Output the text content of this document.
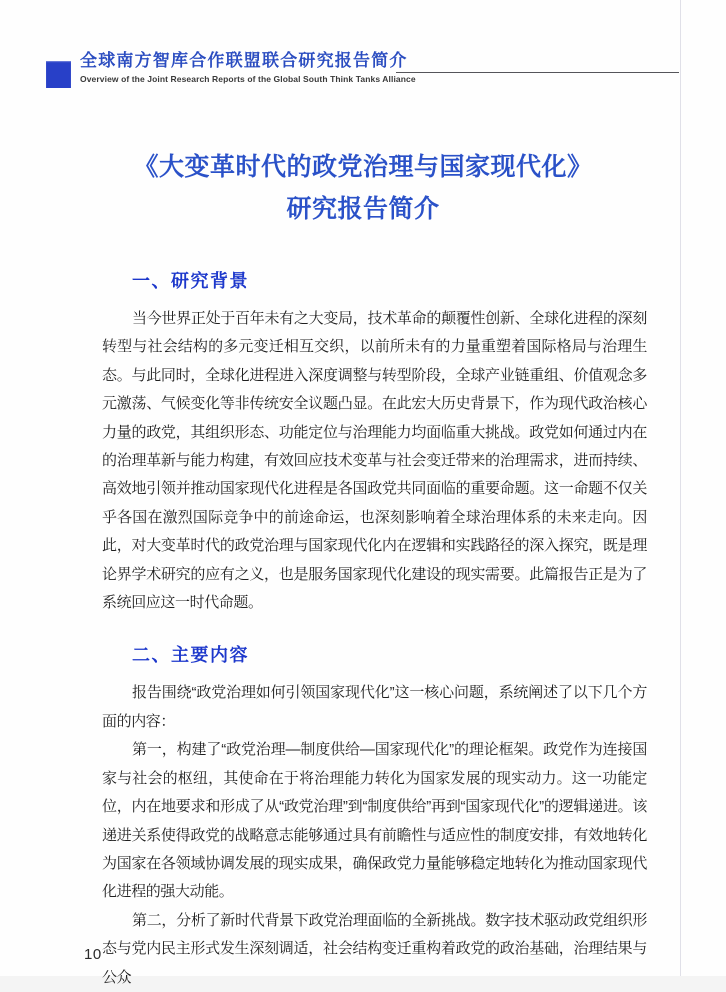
全球南方智库合作联盟联合研究报告简介
Overview of the Joint Research Reports of the Global South Think Tanks Alliance
《大变革时代的政党治理与国家现代化》
研究报告简介
一、研究背景

当今世界正处于百年未有之大变局，技术革命的颠覆性创新、全球化进程的深刻转型与社会结构的多元变迁相互交织，以前所未有的力量重塑着国际格局与治理生态。与此同时，全球化进程进入深度调整与转型阶段，全球产业链重组、价值观念多元激荡、气候变化等非传统安全议题凸显。在此宏大历史背景下，作为现代政治核心力量的政党，其组织形态、功能定位与治理能力均面临重大挑战。政党如何通过内在的治理革新与能力构建，有效回应技术变革与社会变迁带来的治理需求，进而持续、高效地引领并推动国家现代化进程是各国政党共同面临的重要命题。这一命题不仅关乎各国在激烈国际竞争中的前途命运，也深刻影响着全球治理体系的未来走向。因此，对大变革时代的政党治理与国家现代化内在逻辑和实践路径的深入探究，既是理论界学术研究的应有之义，也是服务国家现代化建设的现实需要。此篇报告正是为了系统回应这一时代命题。

二、主要内容

报告围绕“政党治理如何引领国家现代化”这一核心问题，系统阐述了以下几个方面的内容：

第一，构建了“政党治理—制度供给—国家现代化”的理论框架。政党作为连接国家与社会的枢纽，其使命在于将治理能力转化为国家发展的现实动力。这一功能定位，内在地要求和形成了从“政党治理”到“制度供给”再到“国家现代化”的逻辑递进。该递进关系使得政党的战略意志能够通过具有前瞻性与适应性的制度安排，有效地转化为国家在各领域协调发展的现实成果，确保政党力量能够稳定地转化为推动国家现代化进程的强大动能。

第二，分析了新时代背景下政党治理面临的全新挑战。数字技术驱动政党组织形态与党内民主形式发生深刻调适，社会结构变迁重构着政党的政治基础，治理结果与公众

10
